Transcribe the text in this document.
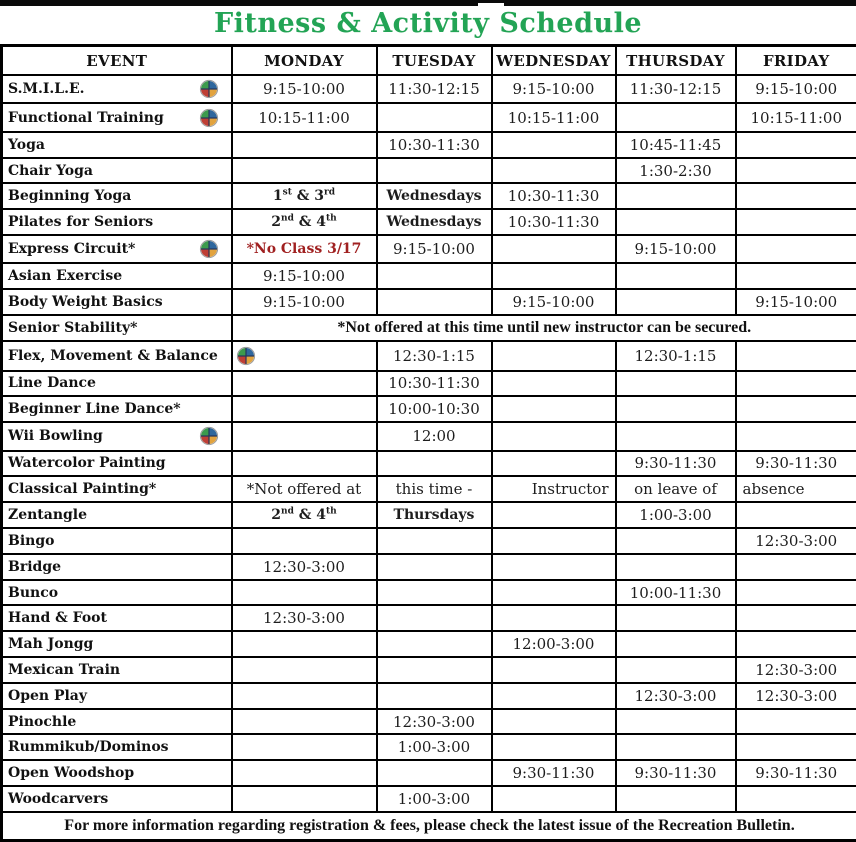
Fitness & Activity Schedule
EVENT	MONDAY	TUESDAY	WEDNESDAY	THURSDAY	FRIDAY

S.M.I.L.E.	9:15-10:00	11:30-12:15	9:15-10:00	11:30-12:15	9:15-10:00

Functional Training	10:15-11:00		10:15-11:00		10:15-11:00

Yoga		10:30-11:30		10:45-11:45	

Chair Yoga				1:30-2:30	

Beginning Yoga	1st & 3rd	Wednesdays	10:30-11:30		

Pilates for Seniors	2nd & 4th	Wednesdays	10:30-11:30		

Express Circuit*	*No Class 3/17	9:15-10:00		9:15-10:00	

Asian Exercise	9:15-10:00				

Body Weight Basics	9:15-10:00		9:15-10:00		9:15-10:00

Senior Stability*	*Not offered at this time until new instructor can be secured.				

Flex, Movement & Balance		12:30-1:15		12:30-1:15	

Line Dance		10:30-11:30			

Beginner Line Dance*		10:00-10:30			

Wii Bowling		12:00			

Watercolor Painting				9:30-11:30	9:30-11:30

Classical Painting*	*Not offered at	this time -	Instructor	on leave of	absence

Zentangle	2nd & 4th	Thursdays		1:00-3:00	

Bingo					12:30-3:00

Bridge	12:30-3:00				

Bunco				10:00-11:30	

Hand & Foot	12:30-3:00				

Mah Jongg			12:00-3:00		

Mexican Train					12:30-3:00

Open Play				12:30-3:00	12:30-3:00

Pinochle		12:30-3:00			

Rummikub/Dominos		1:00-3:00			

Open Woodshop			9:30-11:30	9:30-11:30	9:30-11:30

Woodcarvers		1:00-3:00			
For more information regarding registration & fees, please check the latest issue of the Recreation Bulletin.					
